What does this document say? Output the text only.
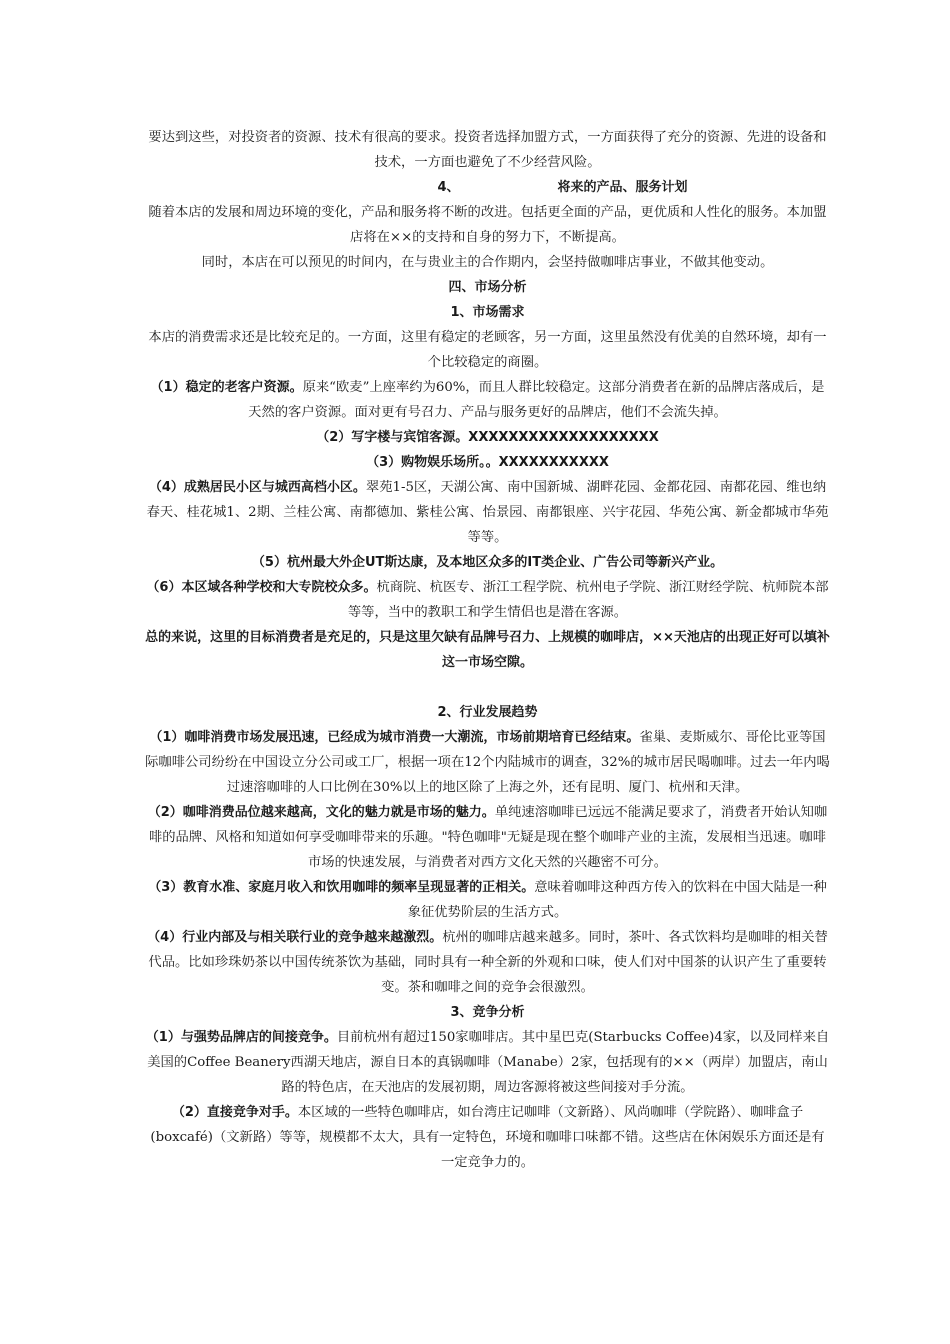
要达到这些，对投资者的资源、技术有很高的要求。投资者选择加盟方式，一方面获得了充分的资源、先进的设备和技术，一方面也避免了不少经营风险。

4、	将来的产品、服务计划

随着本店的发展和周边环境的变化，产品和服务将不断的改进。包括更全面的产品，更优质和人性化的服务。本加盟店将在××的支持和自身的努力下，不断提高。

同时，本店在可以预见的时间内，在与贵业主的合作期内，会坚持做咖啡店事业，不做其他变动。

四、市场分析

1、市场需求

本店的消费需求还是比较充足的。一方面，这里有稳定的老顾客，另一方面，这里虽然没有优美的自然环境，却有一个比较稳定的商圈。

（1）稳定的老客户资源。原来“欧麦”上座率约为60%，而且人群比较稳定。这部分消费者在新的品牌店落成后，是天然的客户资源。面对更有号召力、产品与服务更好的品牌店，他们不会流失掉。

（2）写字楼与宾馆客源。XXXXXXXXXXXXXXXXXXX

（3）购物娱乐场所。。XXXXXXXXXXX

（4）成熟居民小区与城西高档小区。翠苑1-5区，天湖公寓、南中国新城、湖畔花园、金都花园、南都花园、维也纳春天、桂花城1、2期、兰桂公寓、南都德加、紫桂公寓、怡景园、南都银座、兴宇花园、华苑公寓、新金都城市华苑等等。

（5）杭州最大外企UT斯达康，及本地区众多的IT类企业、广告公司等新兴产业。

（6）本区域各种学校和大专院校众多。杭商院、杭医专、浙江工程学院、杭州电子学院、浙江财经学院、杭师院本部等等，当中的教职工和学生情侣也是潜在客源。

总的来说，这里的目标消费者是充足的，只是这里欠缺有品牌号召力、上规模的咖啡店，××天池店的出现正好可以填补这一市场空隙。

2、行业发展趋势

（1）咖啡消费市场发展迅速，已经成为城市消费一大潮流，市场前期培育已经结束。雀巢、麦斯威尔、哥伦比亚等国际咖啡公司纷纷在中国设立分公司或工厂，根据一项在12个内陆城市的调查，32%的城市居民喝咖啡。过去一年内喝过速溶咖啡的人口比例在30%以上的地区除了上海之外，还有昆明、厦门、杭州和天津。

（2）咖啡消费品位越来越高，文化的魅力就是市场的魅力。单纯速溶咖啡已远远不能满足要求了，消费者开始认知咖啡的品牌、风格和知道如何享受咖啡带来的乐趣。"特色咖啡"无疑是现在整个咖啡产业的主流，发展相当迅速。咖啡市场的快速发展，与消费者对西方文化天然的兴趣密不可分。

（3）教育水准、家庭月收入和饮用咖啡的频率呈现显著的正相关。意味着咖啡这种西方传入的饮料在中国大陆是一种象征优势阶层的生活方式。

（4）行业内部及与相关联行业的竞争越来越激烈。杭州的咖啡店越来越多。同时，茶叶、各式饮料均是咖啡的相关替代品。比如珍珠奶茶以中国传统茶饮为基础，同时具有一种全新的外观和口味，使人们对中国茶的认识产生了重要转变。茶和咖啡之间的竞争会很激烈。

3、竞争分析

（1）与强势品牌店的间接竞争。目前杭州有超过150家咖啡店。其中星巴克(Starbucks Coffee)4家，以及同样来自美国的Coffee Beanery西湖天地店，源自日本的真锅咖啡（Manabe）2家，包括现有的××（两岸）加盟店，南山路的特色店，在天池店的发展初期，周边客源将被这些间接对手分流。

（2）直接竞争对手。本区域的一些特色咖啡店，如台湾庄记咖啡（文新路）、风尚咖啡（学院路）、咖啡盒子(boxcafé)（文新路）等等，规模都不太大，具有一定特色，环境和咖啡口味都不错。这些店在休闲娱乐方面还是有一定竞争力的。
